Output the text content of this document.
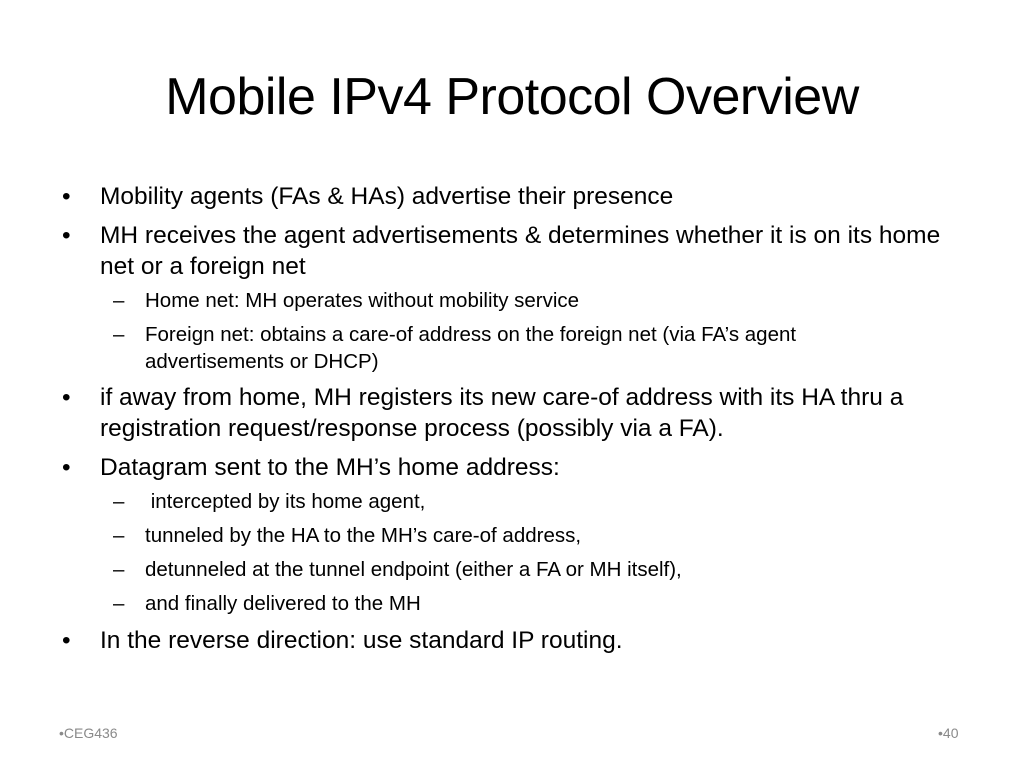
Mobile IPv4 Protocol Overview
•	Mobility agents (FAs & HAs) advertise their presence
•	MH receives the agent advertisements & determines whether it is on its home net or a foreign net
–	Home net: MH operates without mobility service
–	Foreign net: obtains a care-of address on the foreign net (via FA’s agent advertisements or DHCP)
•	if away from home, MH registers its new care-of address with its HA thru a registration request/response process (possibly via a FA).
•	Datagram sent to the MH’s home address:
–	intercepted by its home agent,
–	tunneled by the HA to the MH’s care-of address,
–	detunneled at the tunnel endpoint (either a FA or MH itself),
–	and finally delivered to the MH
•	In the reverse direction: use standard IP routing.
•CEG436	•40
